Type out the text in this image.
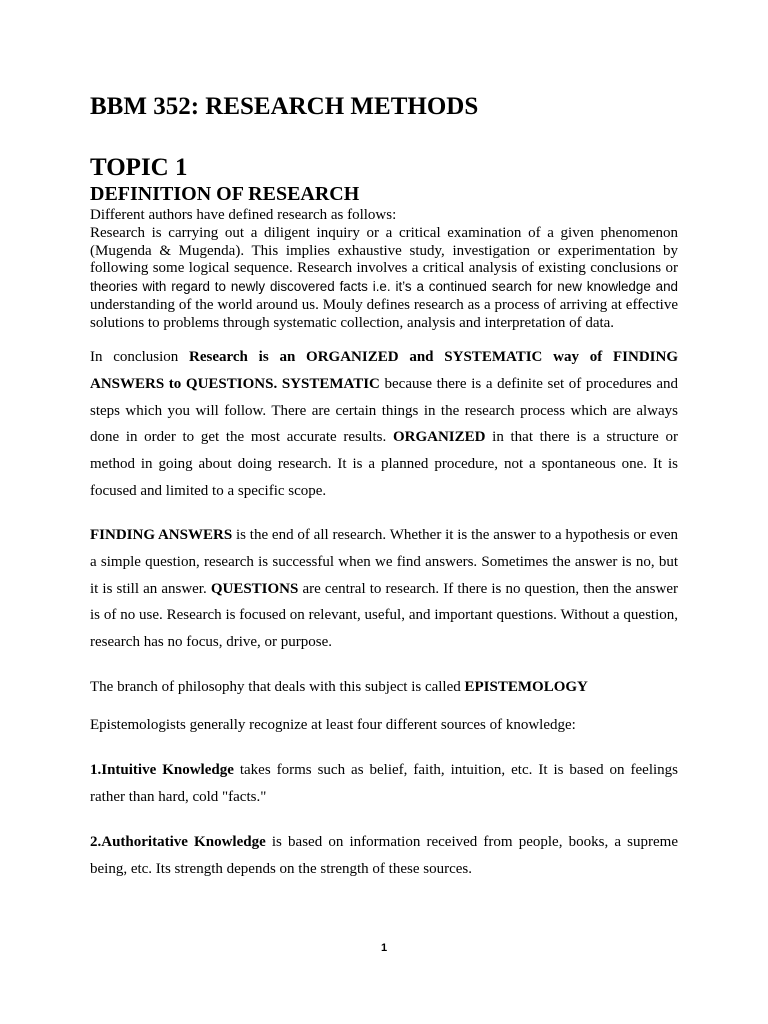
BBM 352: RESEARCH METHODS
TOPIC 1
DEFINITION OF RESEARCH

Different authors have defined research as follows:

Research is carrying out a diligent inquiry or a critical examination of a given phenomenon (Mugenda & Mugenda). This implies exhaustive study, investigation or experimentation by following some logical sequence. Research involves a critical analysis of existing conclusions or theories with regard to newly discovered facts i.e. it’s a continued search for new knowledge and understanding of the world around us. Mouly defines research as a process of arriving at effective solutions to problems through systematic collection, analysis and interpretation of data.

In conclusion Research is an ORGANIZED and SYSTEMATIC way of FINDING ANSWERS to QUESTIONS. SYSTEMATIC because there is a definite set of procedures and steps which you will follow. There are certain things in the research process which are always done in order to get the most accurate results. ORGANIZED in that there is a structure or method in going about doing research. It is a planned procedure, not a spontaneous one. It is focused and limited to a specific scope.

FINDING ANSWERS is the end of all research. Whether it is the answer to a hypothesis or even a simple question, research is successful when we find answers. Sometimes the answer is no, but it is still an answer. QUESTIONS are central to research. If there is no question, then the answer is of no use. Research is focused on relevant, useful, and important questions. Without a question, research has no focus, drive, or purpose.

The branch of philosophy that deals with this subject is called EPISTEMOLOGY

Epistemologists generally recognize at least four different sources of knowledge:

1.Intuitive Knowledge takes forms such as belief, faith, intuition, etc. It is based on feelings rather than hard, cold "facts."

2.Authoritative Knowledge is based on information received from people, books, a supreme being, etc. Its strength depends on the strength of these sources.

1
